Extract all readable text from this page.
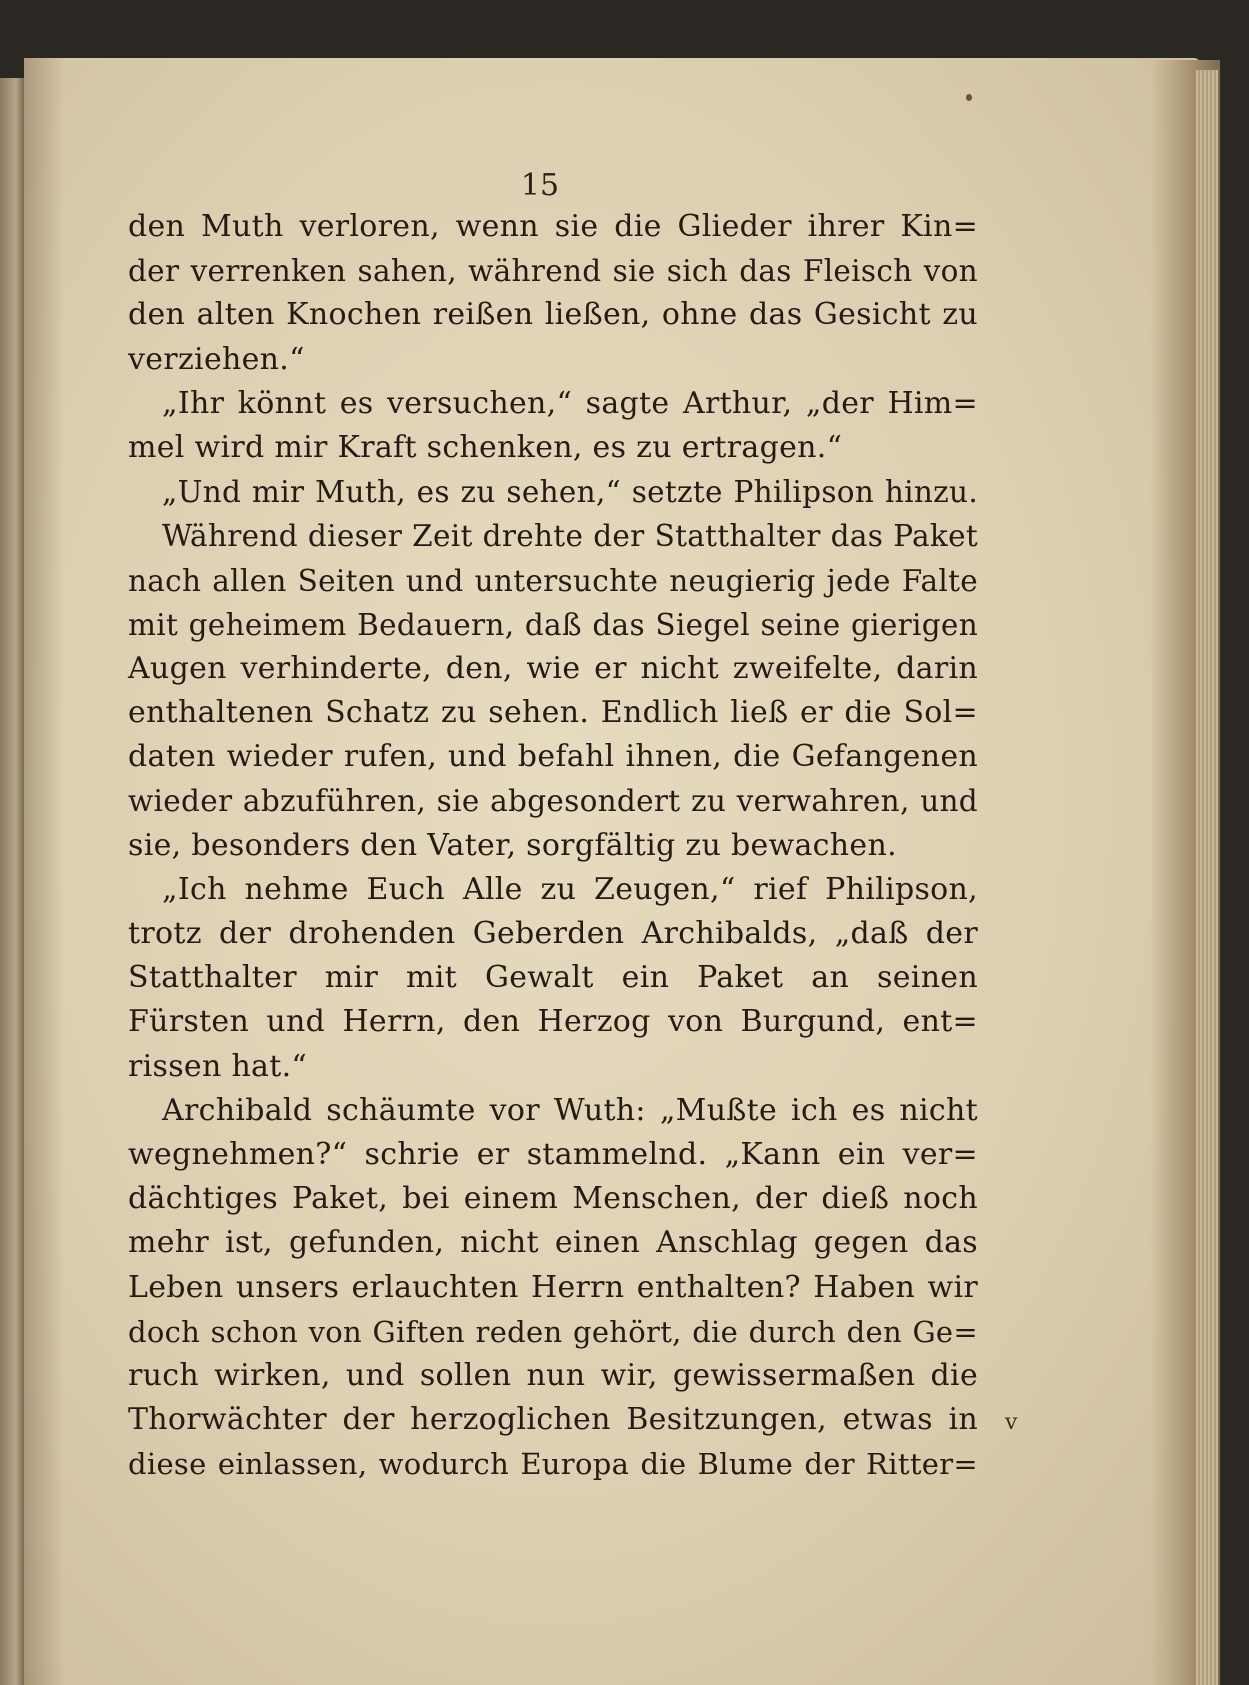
15
den Muth verloren, wenn sie die Glieder ihrer Kin=
der verrenken sahen, während sie sich das Fleisch von
den alten Knochen reißen ließen, ohne das Gesicht zu
verziehen.“
„Ihr könnt es versuchen,“ sagte Arthur, „der Him=
mel wird mir Kraft schenken, es zu ertragen.“
„Und mir Muth, es zu sehen,“ setzte Philipson hinzu.
Während dieser Zeit drehte der Statthalter das Paket
nach allen Seiten und untersuchte neugierig jede Falte
mit geheimem Bedauern, daß das Siegel seine gierigen
Augen verhinderte, den, wie er nicht zweifelte, darin
enthaltenen Schatz zu sehen. Endlich ließ er die Sol=
daten wieder rufen, und befahl ihnen, die Gefangenen
wieder abzuführen, sie abgesondert zu verwahren, und
sie, besonders den Vater, sorgfältig zu bewachen.
„Ich nehme Euch Alle zu Zeugen,“ rief Philipson,
trotz der drohenden Geberden Archibalds, „daß der
Statthalter mir mit Gewalt ein Paket an seinen
Fürsten und Herrn, den Herzog von Burgund, ent=
rissen hat.“
Archibald schäumte vor Wuth: „Mußte ich es nicht
wegnehmen?“ schrie er stammelnd. „Kann ein ver=
dächtiges Paket, bei einem Menschen, der dieß noch
mehr ist, gefunden, nicht einen Anschlag gegen das
Leben unsers erlauchten Herrn enthalten? Haben wir
doch schon von Giften reden gehört, die durch den Ge=
ruch wirken, und sollen nun wir, gewissermaßen die
Thorwächter der herzoglichen Besitzungen, etwas in
diese einlassen, wodurch Europa die Blume der Ritter=
v
